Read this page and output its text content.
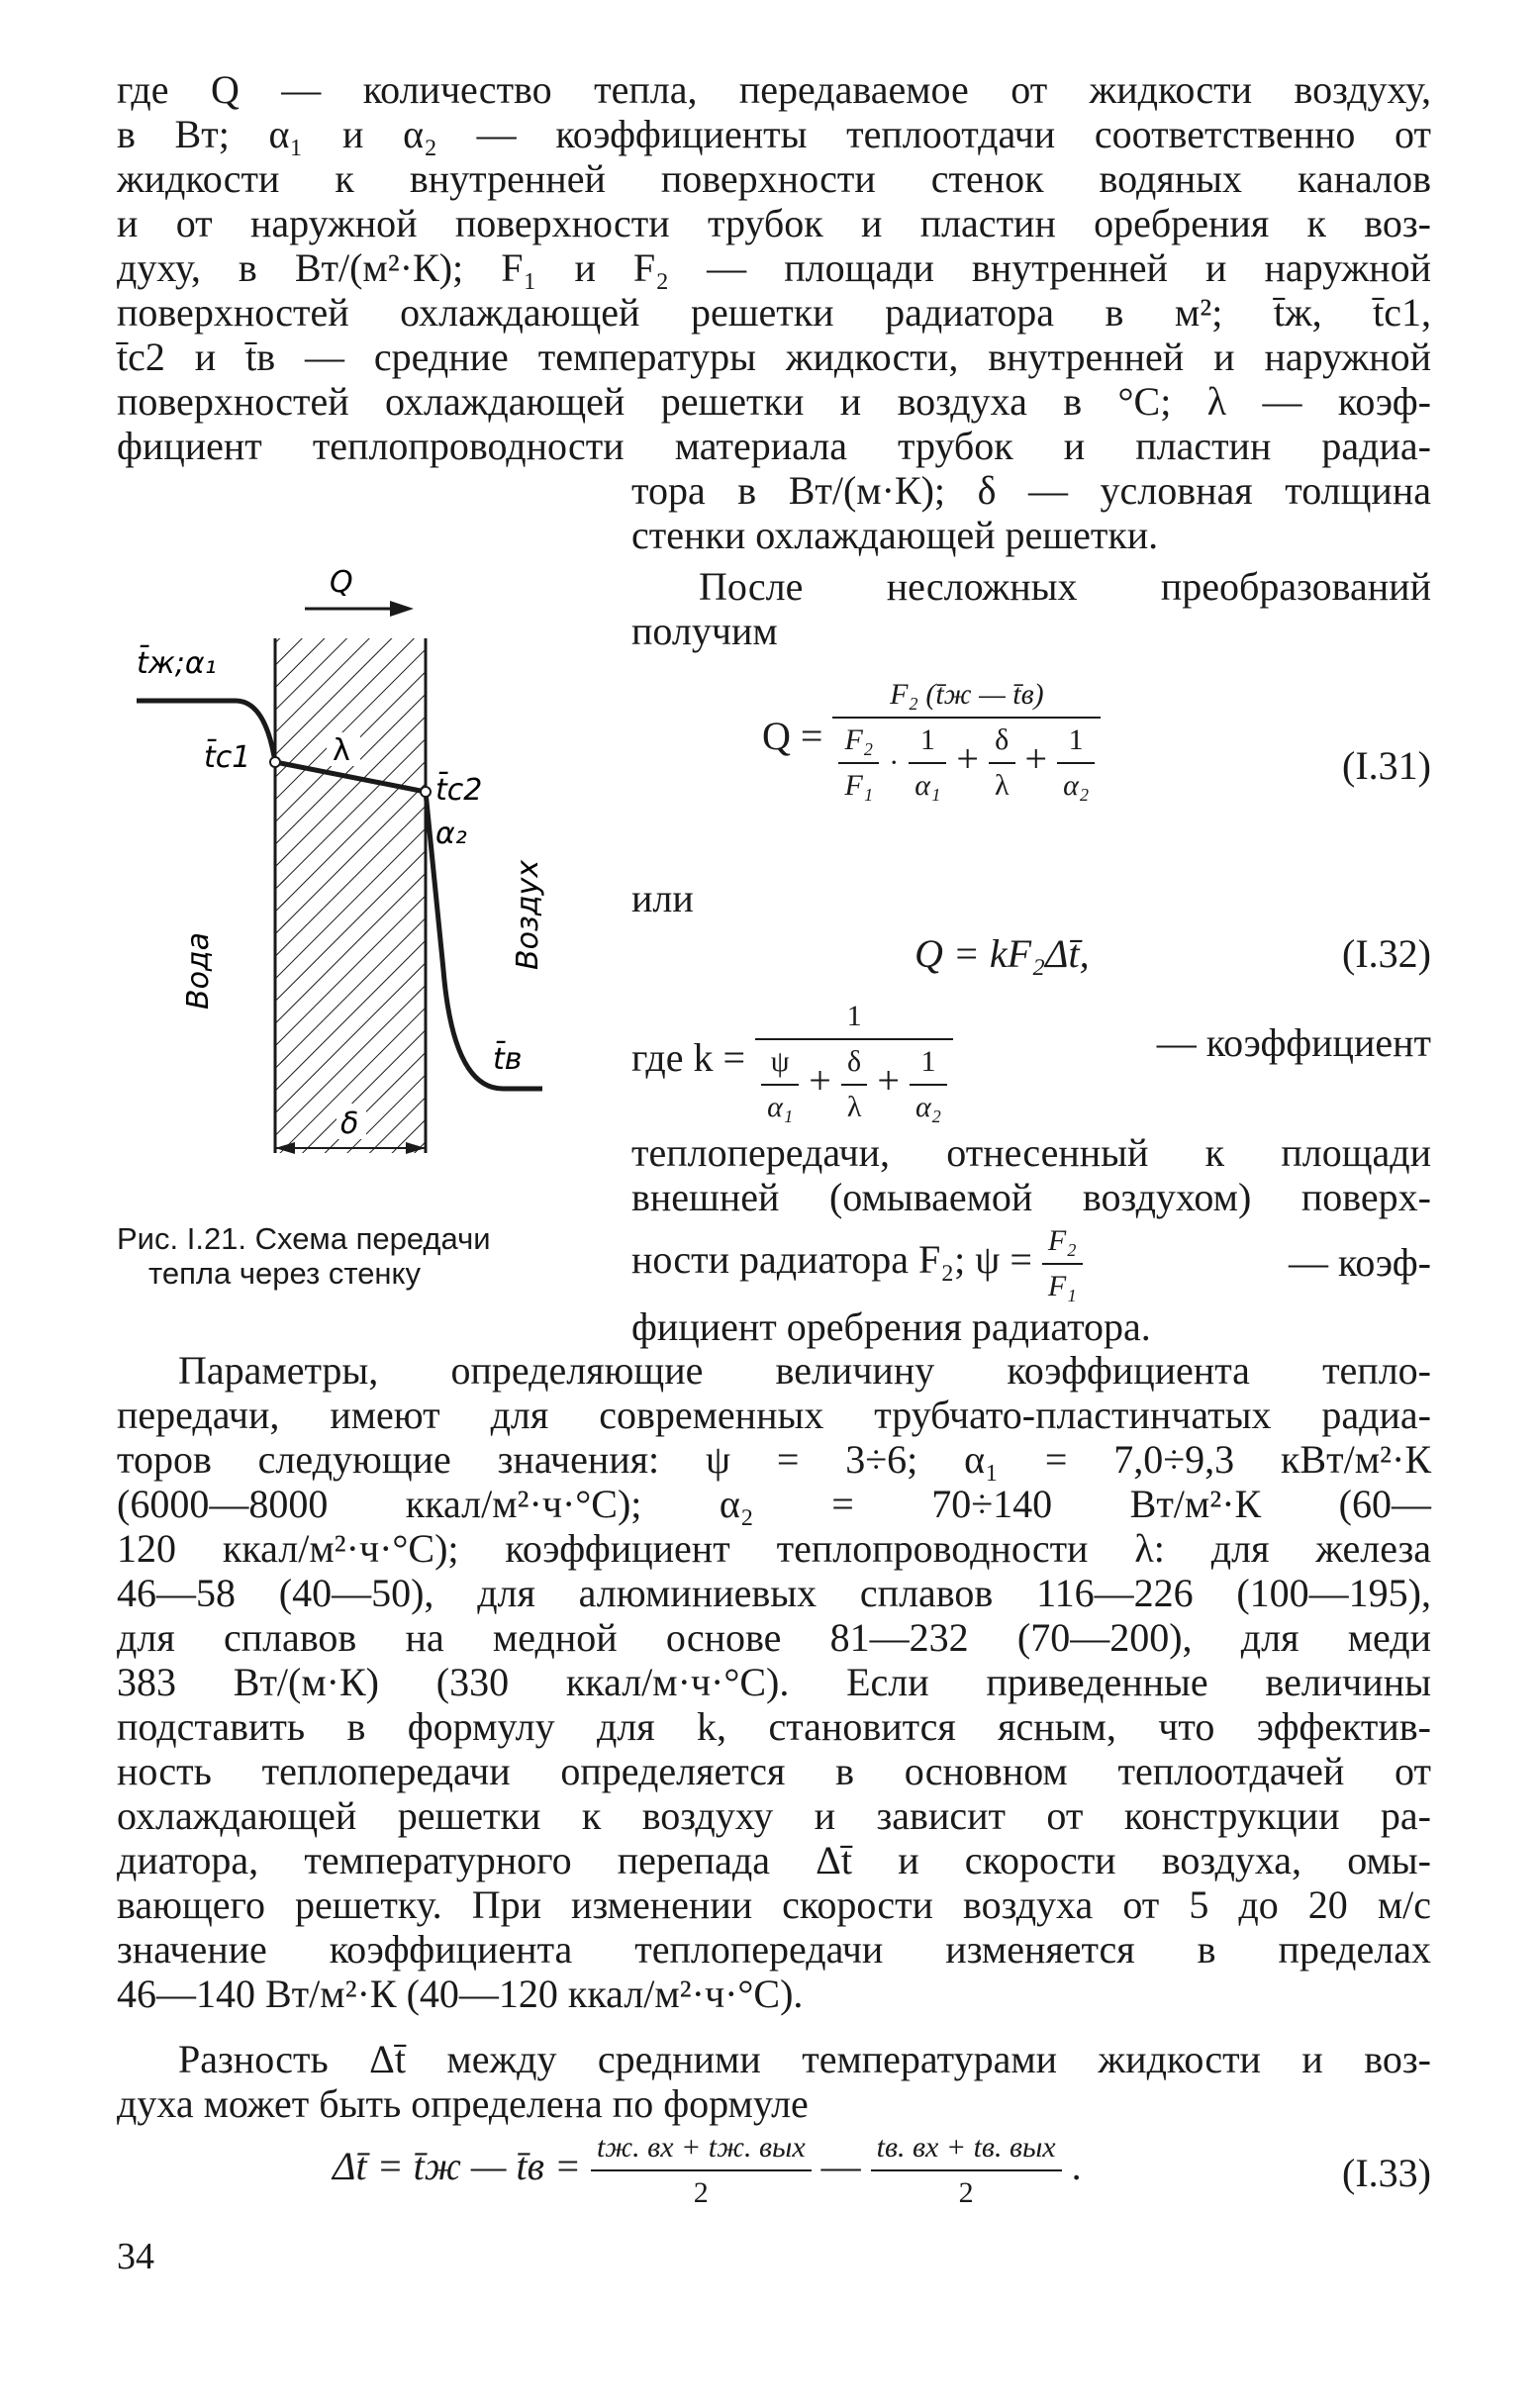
где Q — количество тепла, передаваемое от жидкости воздуху,
в Вт; α₁ и α₂ — коэффициенты теплоотдачи соответственно от
жидкости к внутренней поверхности стенок водяных каналов
и от наружной поверхности трубок и пластин оребрения к воз-
духу, в Вт/(м²·К); F₁ и F₂ — площади внутренней и наружной
поверхностей охлаждающей решетки радиатора в м²; t̄ж, t̄с1,
t̄с2 и t̄в — средние температуры жидкости, внутренней и наружной
поверхностей охлаждающей решетки и воздуха в °С; λ — коэф-
фициент теплопроводности материала трубок и пластин радиа-
тора в Вт/(м·К); δ — условная толщина
стенки охлаждающей решетки.
После несложных преобразований
получим
Q =
F₂ (t̄ж — t̄в)
$\frac{\text{F₂}}{\text{F₁}} \cdot \frac{1}{\text{α₁}} + \frac{\delta}{\lambda} + \frac{1}{\text{α₂}}$	(I.31)
или
Q = kF₂Δt̄,	(I.32)
где $k = \frac{1}{\frac{\psi}{\text{α₁}} + \frac{\delta}{\lambda} + \frac{1}{\text{α₂}}}$	— коэффициент
теплопередачи, отнесенный к площади
внешней (омываемой воздухом) поверх-
ности радиатора F₂; $\psi = \frac{\text{F₂}}{\text{F₁}}$	— коэф-
фициент оребрения радиатора.
Q
t̄ж;α₁
t̄с1	λ
t̄с2
α₂
Воздух
Вода
t̄в
δ
Рис. I.21. Схема передачи
тепла через стенку
Параметры, определяющие величину коэффициента тепло-
передачи, имеют для современных трубчато-пластинчатых радиа-
торов следующие значения: ψ = 3÷6; α₁ = 7,0÷9,3 кВт/м²·К
(6000—8000 ккал/м²·ч·°С); α₂ = 70÷140 Вт/м²·К (60—
120 ккал/м²·ч·°С); коэффициент теплопроводности λ: для железа
46—58 (40—50), для алюминиевых сплавов 116—226 (100—195),
для сплавов на медной основе 81—232 (70—200), для меди
383 Вт/(м·К) (330 ккал/м·ч·°С). Если приведенные величины
подставить в формулу для k, становится ясным, что эффектив-
ность теплопередачи определяется в основном теплоотдачей от
охлаждающей решетки к воздуху и зависит от конструкции ра-
диатора, температурного перепада Δt̄ и скорости воздуха, омы-
вающего решетку. При изменении скорости воздуха от 5 до 20 м/с
значение коэффициента теплопередачи изменяется в пределах
46—140 Вт/м²·К (40—120 ккал/м²·ч·°С).
Разность Δt̄ между средними температурами жидкости и воз-
духа может быть определена по формуле
Δt̄ = t̄ж — t̄в = $\frac{\text{tж. вх + tж. вых}}{2}$ — $\frac{\text{tв. вх + tв. вых}}{2}$ .	(I.33)
34
